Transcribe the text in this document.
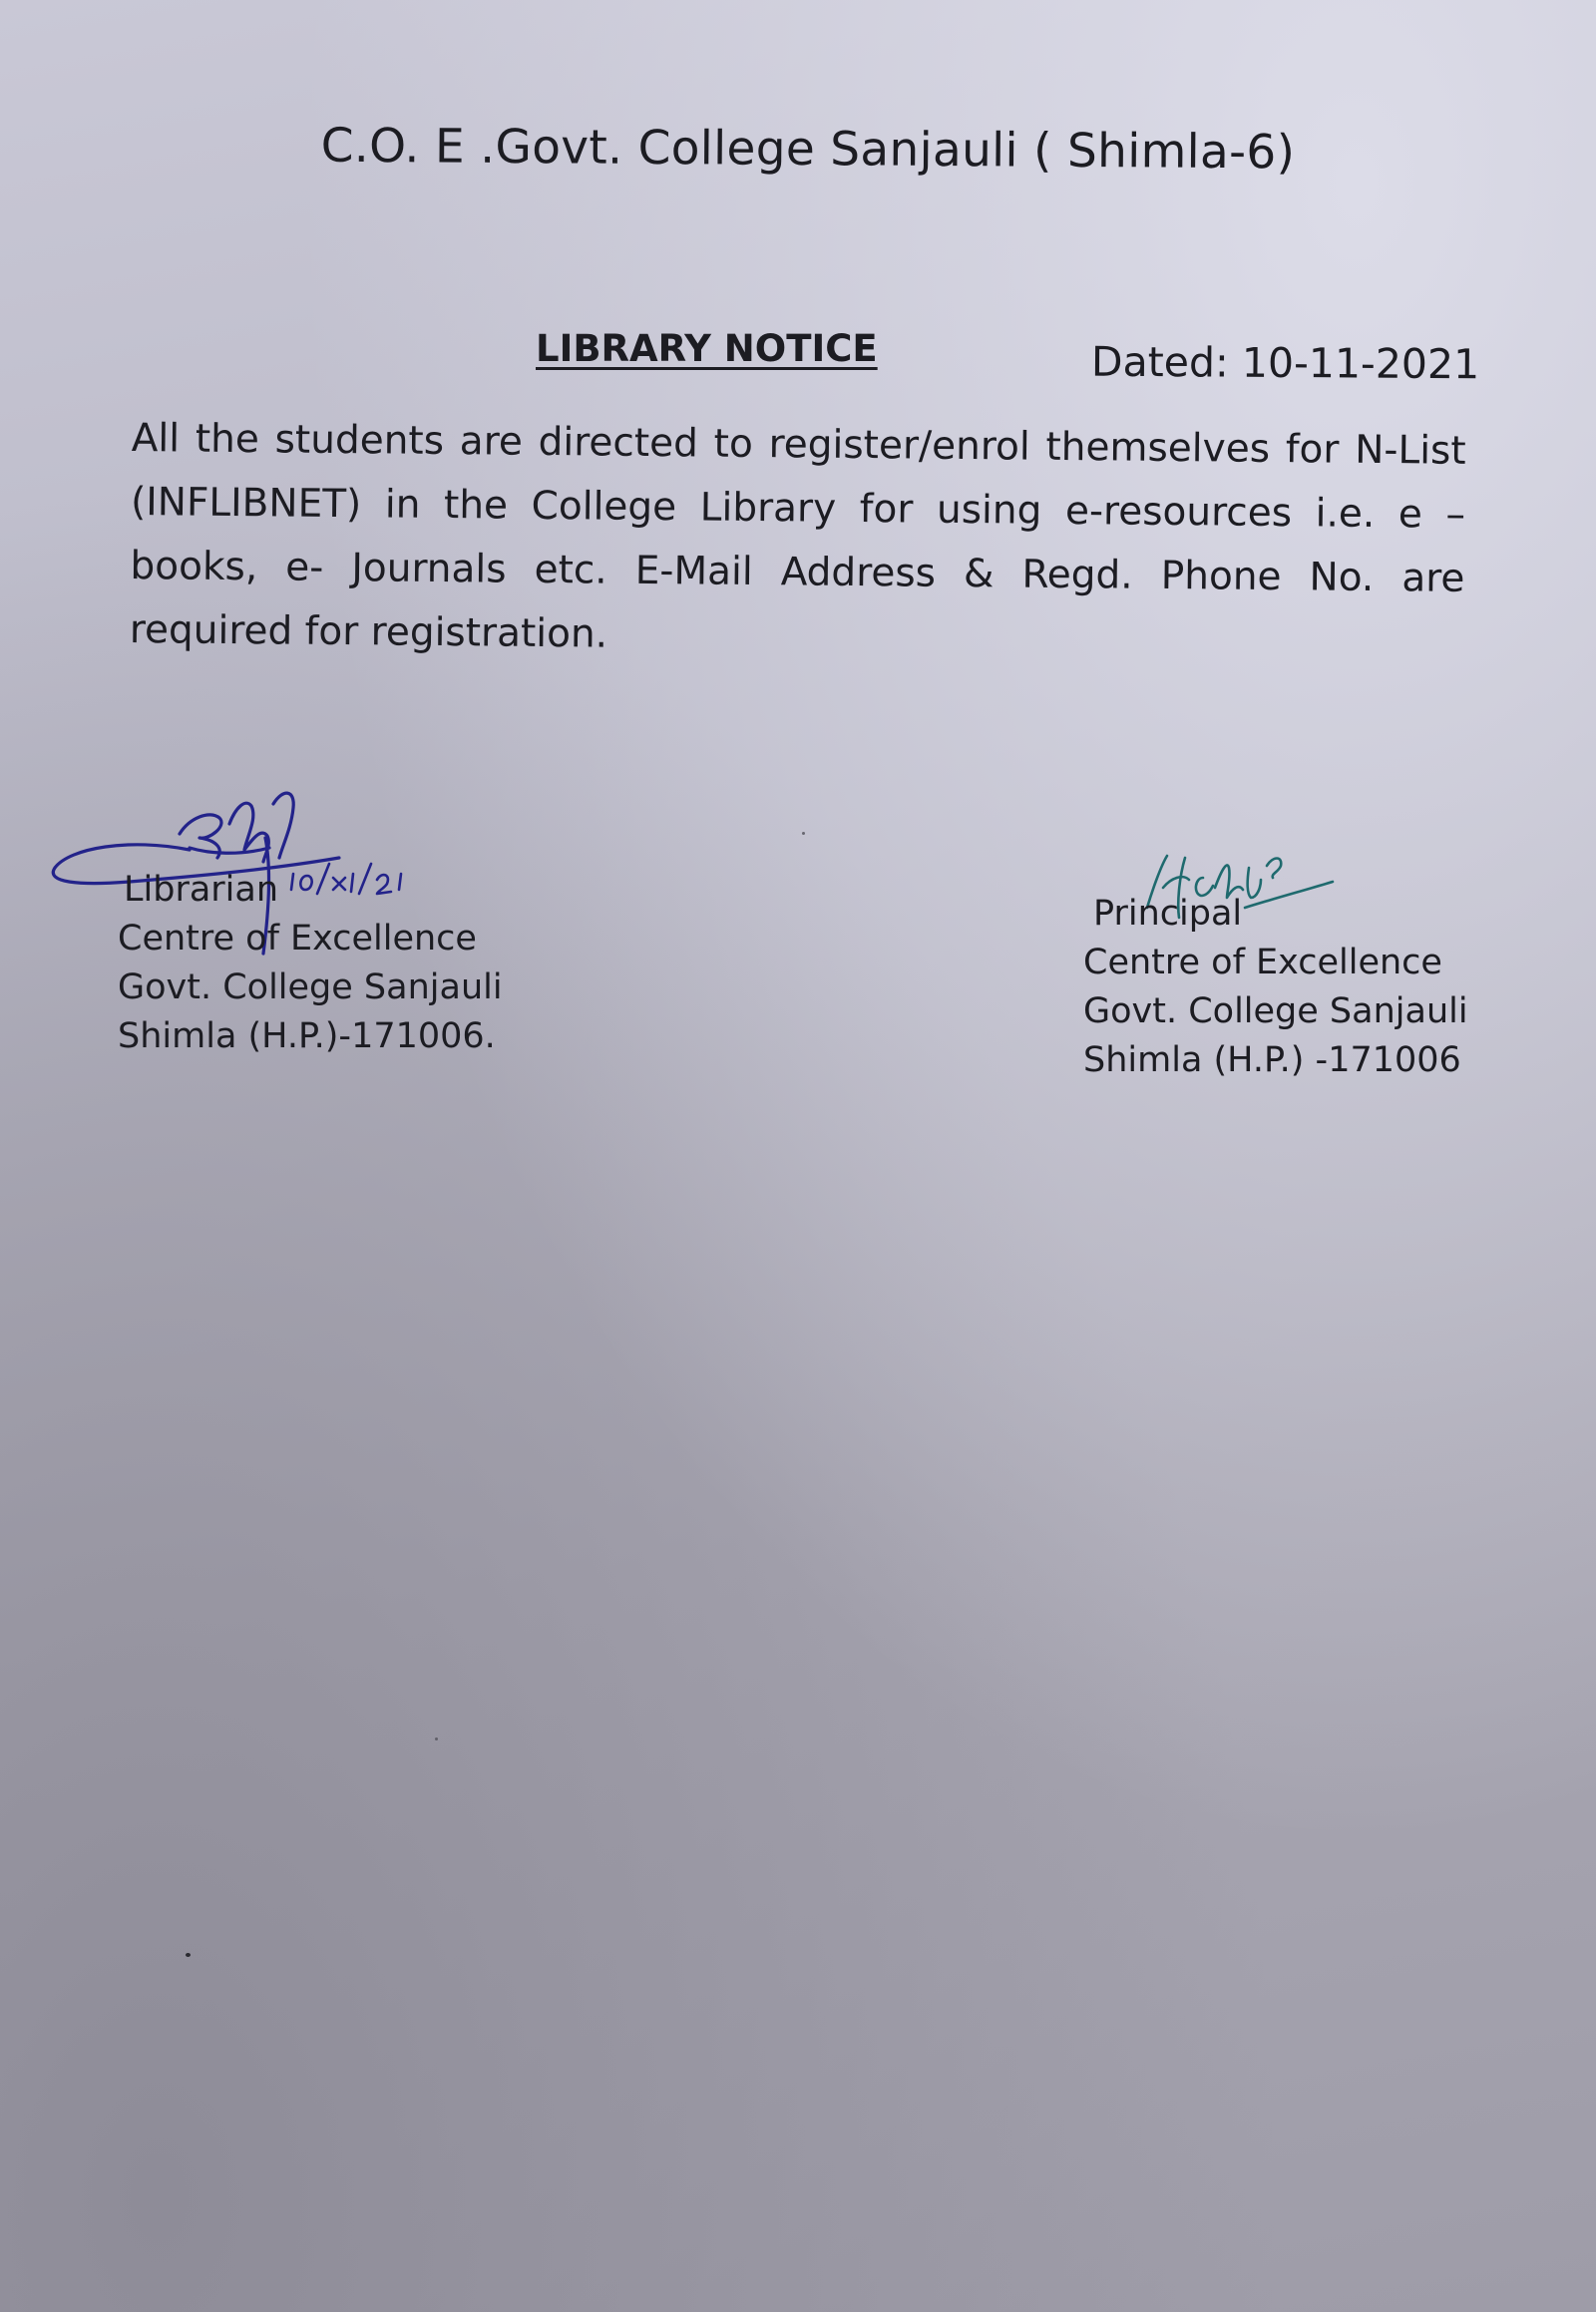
C.O. E .Govt. College Sanjauli ( Shimla-6)
LIBRARY NOTICE	Dated: 10-11-2021

All the students are directed to register/enrol themselves for N-List (INFLIBNET) in the College Library for using e-resources i.e. e – books, e- Journals etc. E-Mail Address & Regd. Phone No. are required for registration.

Librarian
Centre of Excellence
Govt. College Sanjauli
Shimla (H.P.)-171006.
Principal
Centre of Excellence
Govt. College Sanjauli
Shimla (H.P.) -171006
